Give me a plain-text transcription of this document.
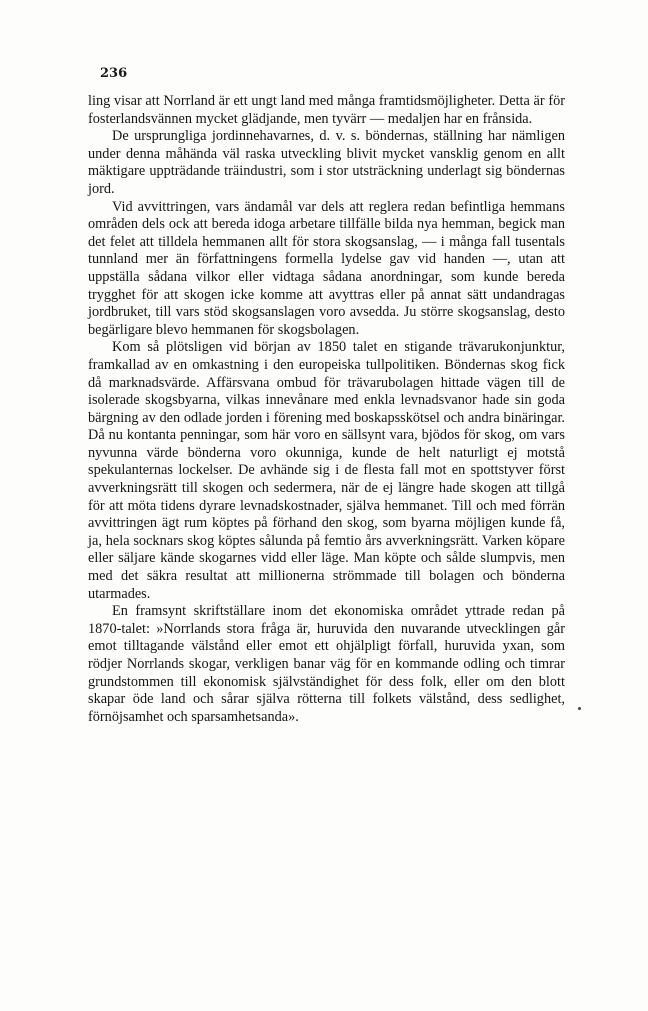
236

ling visar att Norrland är ett ungt land med många framtidsmöjligheter. Detta är för fosterlandsvännen mycket glädjande, men tyvärr — medaljen har en frånsida.

De ursprungliga jordinnehavarnes, d. v. s. böndernas, ställning har nämligen under denna måhända väl raska utveckling blivit mycket vansklig genom en allt mäktigare uppträdande träindustri, som i stor utsträckning underlagt sig böndernas jord.

Vid avvittringen, vars ändamål var dels att reglera redan befintliga hemmans områden dels ock att bereda idoga arbetare tillfälle bilda nya hemman, begick man det felet att tilldela hemmanen allt för stora skogsanslag, — i många fall tusentals tunnland mer än författningens formella lydelse gav vid handen —, utan att uppställa sådana vilkor eller vidtaga sådana anordningar, som kunde bereda trygghet för att skogen icke komme att avyttras eller på annat sätt undandragas jordbruket, till vars stöd skogsanslagen voro avsedda. Ju större skogsanslag, desto begärligare blevo hemmanen för skogsbolagen.

Kom så plötsligen vid början av 1850 talet en stigande trävarukonjunktur, framkallad av en omkastning i den europeiska tullpolitiken. Böndernas skog fick då marknadsvärde. Affärsvana ombud för trävarubolagen hittade vägen till de isolerade skogsbyarna, vilkas innevånare med enkla levnadsvanor hade sin goda bärgning av den odlade jorden i förening med boskapsskötsel och andra binäringar. Då nu kontanta penningar, som här voro en sällsynt vara, bjödos för skog, om vars nyvunna värde bönderna voro okunniga, kunde de helt naturligt ej motstå spekulanternas lockelser. De avhände sig i de flesta fall mot en spottstyver först avverkningsrätt till skogen och sedermera, när de ej längre hade skogen att tillgå för att möta tidens dyrare levnadskostnader, själva hemmanet. Till och med förrän avvittringen ägt rum köptes på förhand den skog, som byarna möjligen kunde få, ja, hela socknars skog köptes sålunda på femtio års avverkningsrätt. Varken köpare eller säljare kände skogarnes vidd eller läge. Man köpte och sålde slumpvis, men med det säkra resultat att millionerna strömmade till bolagen och bönderna utarmades.

En framsynt skriftställare inom det ekonomiska området yttrade redan på 1870-talet: »Norrlands stora fråga är, huruvida den nuvarande utvecklingen går emot tilltagande välstånd eller emot ett ohjälpligt förfall, huruvida yxan, som rödjer Norrlands skogar, verkligen banar väg för en kommande odling och timrar grundstommen till ekonomisk självständighet för dess folk, eller om den blott skapar öde land och sårar själva rötterna till folkets välstånd, dess sedlighet, förnöjsamhet och sparsamhetsanda».
